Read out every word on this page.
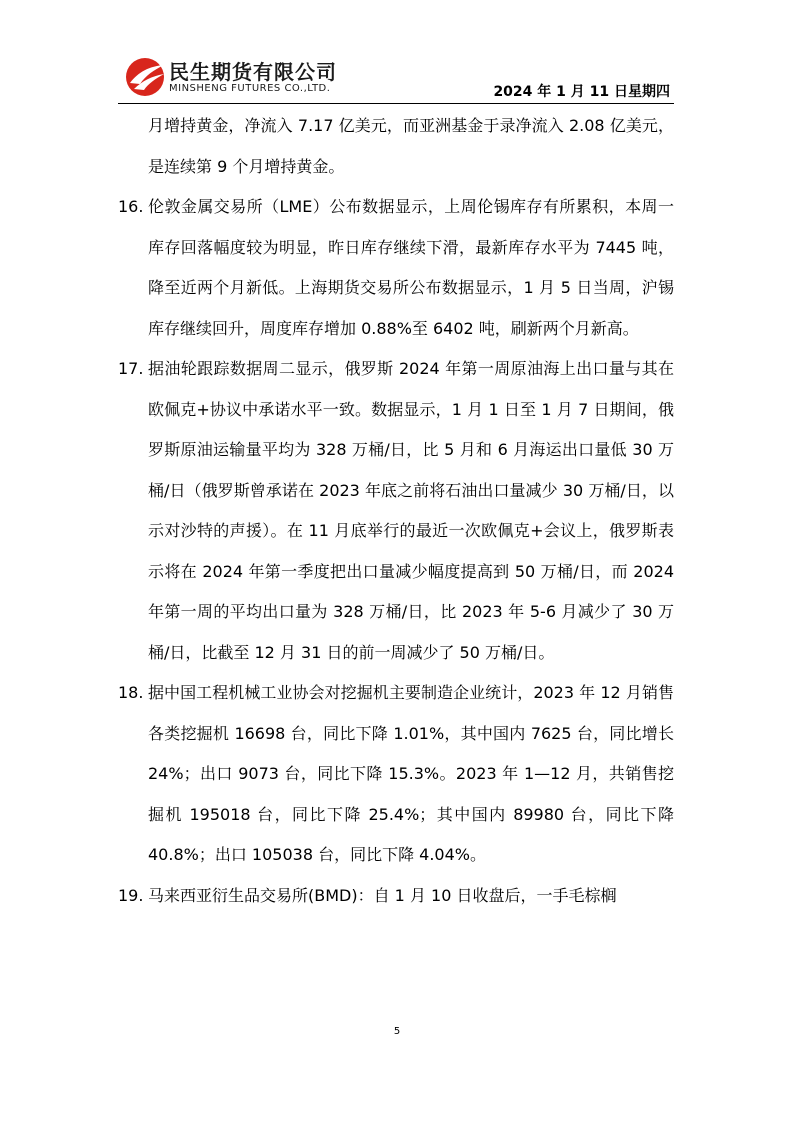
民生期货有限公司
MINSHENG FUTURES CO.,LTD.	2024 年 1 月 11 日星期四
月增持黄金，净流入 7.17 亿美元，而亚洲基金于录净流入 2.08 亿美元，是连续第 9 个月增持黄金。
16. 伦敦金属交易所（LME）公布数据显示，上周伦锡库存有所累积，本周一库存回落幅度较为明显，昨日库存继续下滑，最新库存水平为 7445 吨，降至近两个月新低。上海期货交易所公布数据显示，1 月 5 日当周，沪锡库存继续回升，周度库存增加 0.88%至 6402 吨，刷新两个月新高。
17. 据油轮跟踪数据周二显示，俄罗斯 2024 年第一周原油海上出口量与其在欧佩克+协议中承诺水平一致。数据显示，1 月 1 日至 1 月 7 日期间，俄罗斯原油运输量平均为 328 万桶/日，比 5 月和 6 月海运出口量低 30 万桶/日（俄罗斯曾承诺在 2023 年底之前将石油出口量减少 30 万桶/日，以示对沙特的声援）。在 11 月底举行的最近一次欧佩克+会议上，俄罗斯表示将在 2024 年第一季度把出口量减少幅度提高到 50 万桶/日，而 2024 年第一周的平均出口量为 328 万桶/日，比 2023 年 5-6 月减少了 30 万桶/日，比截至 12 月 31 日的前一周减少了 50 万桶/日。
18. 据中国工程机械工业协会对挖掘机主要制造企业统计，2023 年 12 月销售各类挖掘机 16698 台，同比下降 1.01%，其中国内 7625 台，同比增长 24%；出口 9073 台，同比下降 15.3%。2023 年 1—12 月，共销售挖掘机 195018 台，同比下降 25.4%；其中国内 89980 台，同比下降 40.8%；出口 105038 台，同比下降 4.04%。
19. 马来西亚衍生品交易所(BMD)：自 1 月 10 日收盘后，一手毛棕榈
5
